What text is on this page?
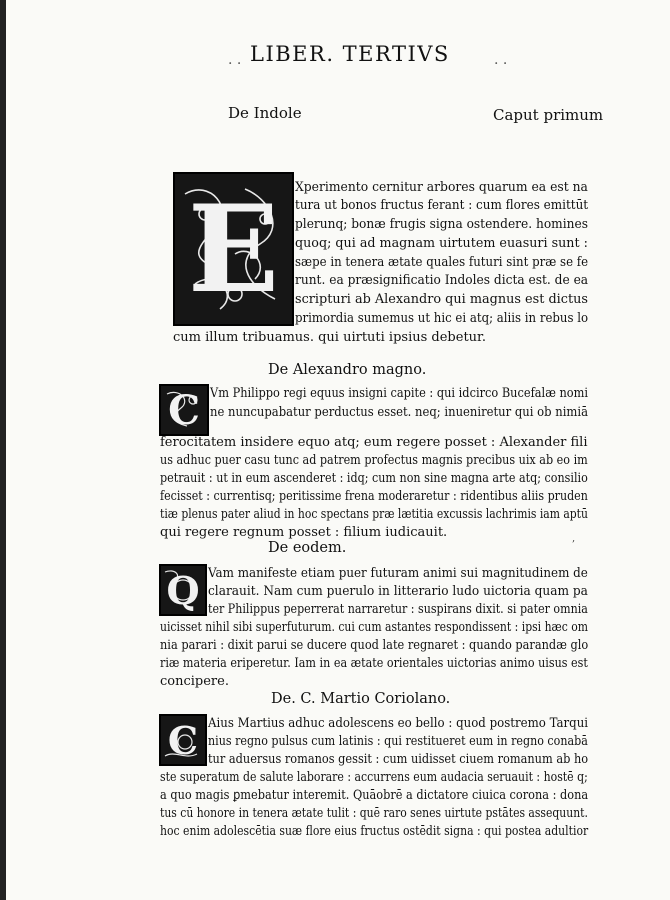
LIBER. TERTIVS
. .	. .
De Indole	Caput primum
E Xperimento cernitur arbores quarum ea est na
tura ut bonos fructus ferant : cum flores emittūt
plerunq; bonæ frugis signa ostendere. homines
quoq; qui ad magnam uirtutem euasuri sunt :
sæpe in tenera ætate quales futuri sint præ se fe
runt. ea præsignificatio Indoles dicta est. de ea
scripturi ab Alexandro qui magnus est dictus
primordia sumemus ut hic ei atq; aliis in rebus lo
cum illum tribuamus. qui uirtuti ipsius debetur.
De Alexandro magno.
C Vm Philippo regi equus insigni capite : qui idcirco Bucefalæ nomi
ne nuncupabatur perductus esset. neq; inueniretur qui ob nimiā
ferocitatem insidere equo atq; eum regere posset : Alexander fili
us adhuc puer casu tunc ad patrem profectus magnis precibus uix ab eo im
petrauit : ut in eum ascenderet : idq; cum non sine magna arte atq; consilio
fecisset : currentisq; peritissime frena moderaretur : ridentibus aliis pruden
tiæ plenus pater aliud in hoc spectans præ lætitia excussis lachrimis iam aptū
qui regere regnum posset : filium iudicauit.	,
De eodem.
Q Vam manifeste etiam puer futuram animi sui magnitudinem de
clarauit. Nam cum puerulo in litterario ludo uictoria quam pa
ter Philippus peperrerat narraretur : suspirans dixit. si pater omnia
uicisset nihil sibi superfuturum. cui cum astantes respondissent : ipsi hæc om
nia parari : dixit parui se ducere quod late regnaret : quando parandæ glo
riæ materia eriperetur. Iam in ea ætate orientales uictorias animo uisus est
concipere.
De. C. Martio Coriolano.
C Aius Martius adhuc adolescens eo bello : quod postremo Tarqui
nius regno pulsus cum latinis : qui restitueret eum in regno conabā
tur aduersus romanos gessit : cum uidisset ciuem romanum ab ho
ste superatum de salute laborare : accurrens eum audacia seruauit : hostē q;
a quo magis ꝑmebatur interemit. Quāobrē a dictatore ciuica corona : dona
tus cū honore in tenera ætate tulit : quē raro senes uirtute pstātes assequunt.
hoc enim adolescētia suæ flore eius fructus ostēdit signa : qui postea adultior
